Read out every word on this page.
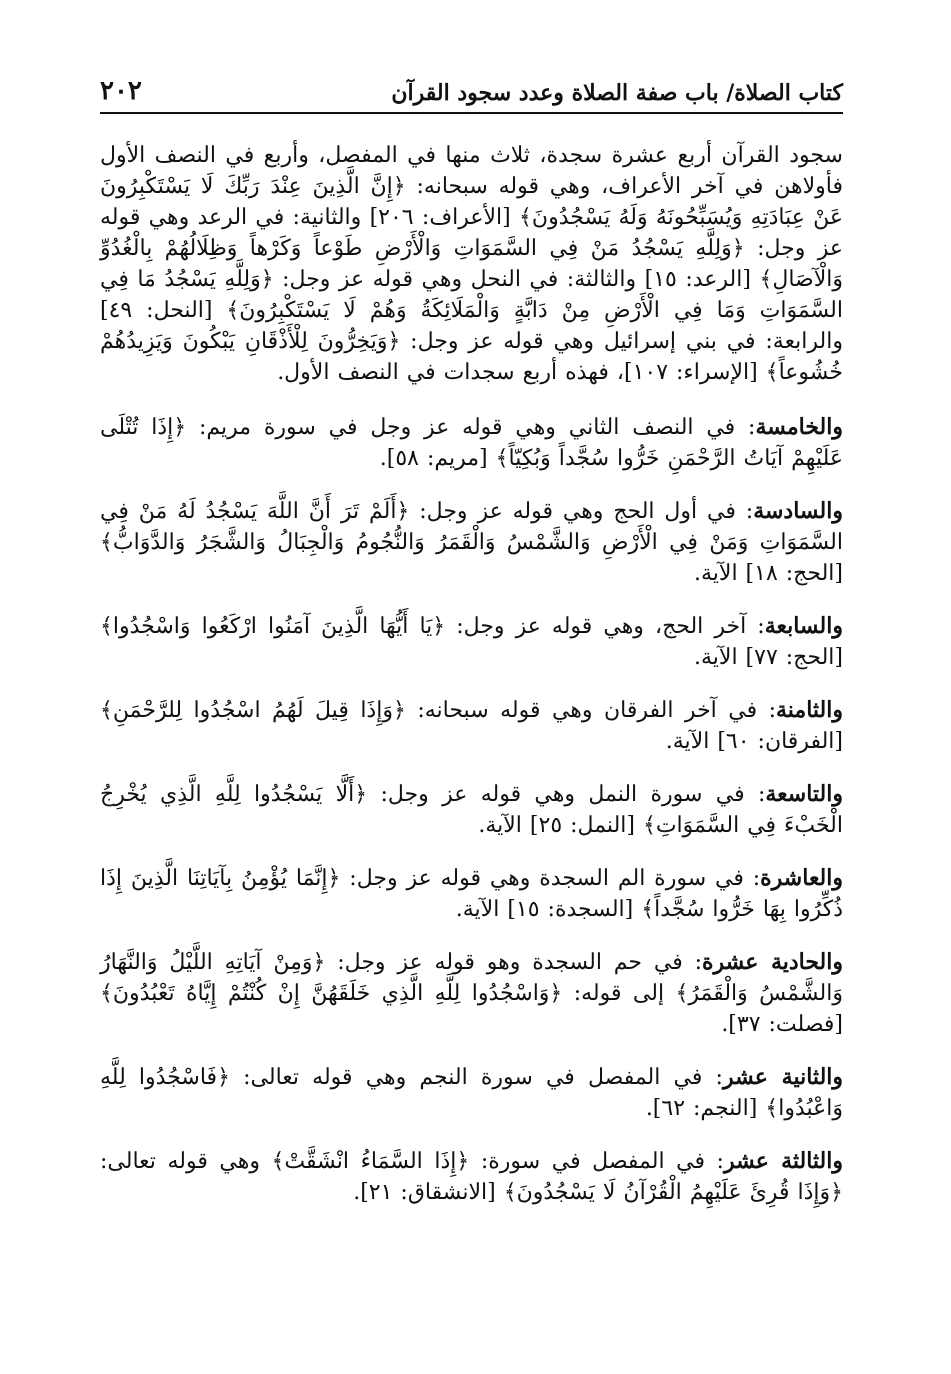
كتاب الصلاة/ باب صفة الصلاة وعدد سجود القرآن
٢٠٢

سجود القرآن أربع عشرة سجدة، ثلاث منها في المفصل، وأربع في النصف الأول فأولاهن في آخر الأعراف، وهي قوله سبحانه: ﴿إِنَّ الَّذِينَ عِنْدَ رَبِّكَ لَا يَسْتَكْبِرُونَ عَنْ عِبَادَتِهِ وَيُسَبِّحُونَهُ وَلَهُ يَسْجُدُونَ﴾ [الأعراف: ٢٠٦] والثانية: في الرعد وهي قوله عز وجل: ﴿وَلِلَّهِ يَسْجُدُ مَنْ فِي السَّمَوَاتِ وَالْأَرْضِ طَوْعاً وَكَرْهاً وَظِلَالُهُمْ بِالْغُدُوِّ وَالْآصَالِ﴾ [الرعد: ١٥] والثالثة: في النحل وهي قوله عز وجل: ﴿وَلِلَّهِ يَسْجُدُ مَا فِي السَّمَوَاتِ وَمَا فِي الْأَرْضِ مِنْ دَابَّةٍ وَالْمَلَائِكَةُ وَهُمْ لَا يَسْتَكْبِرُونَ﴾ [النحل: ٤٩] والرابعة: في بني إسرائيل وهي قوله عز وجل: ﴿وَيَخِرُّونَ لِلْأَذْقَانِ يَبْكُونَ وَيَزِيدُهُمْ خُشُوعاً﴾ [الإسراء: ١٠٧]، فهذه أربع سجدات في النصف الأول.

والخامسة: في النصف الثاني وهي قوله عز وجل في سورة مريم: ﴿إِذَا تُتْلَى عَلَيْهِمْ آيَاتُ الرَّحْمَنِ خَرُّوا سُجَّداً وَبُكِيّاً﴾ [مريم: ٥٨].

والسادسة: في أول الحج وهي قوله عز وجل: ﴿أَلَمْ تَرَ أَنَّ اللَّهَ يَسْجُدُ لَهُ مَنْ فِي السَّمَوَاتِ وَمَنْ فِي الْأَرْضِ وَالشَّمْسُ وَالْقَمَرُ وَالنُّجُومُ وَالْجِبَالُ وَالشَّجَرُ وَالدَّوَابُّ﴾ [الحج: ١٨] الآية.

والسابعة: آخر الحج، وهي قوله عز وجل: ﴿يَا أَيُّهَا الَّذِينَ آمَنُوا ارْكَعُوا وَاسْجُدُوا﴾ [الحج: ٧٧] الآية.

والثامنة: في آخر الفرقان وهي قوله سبحانه: ﴿وَإِذَا قِيلَ لَهُمُ اسْجُدُوا لِلرَّحْمَنِ﴾ [الفرقان: ٦٠] الآية.

والتاسعة: في سورة النمل وهي قوله عز وجل: ﴿أَلَّا يَسْجُدُوا لِلَّهِ الَّذِي يُخْرِجُ الْخَبْءَ فِي السَّمَوَاتِ﴾ [النمل: ٢٥] الآية.

والعاشرة: في سورة الم السجدة وهي قوله عز وجل: ﴿إِنَّمَا يُؤْمِنُ بِآيَاتِنَا الَّذِينَ إِذَا ذُكِّرُوا بِهَا خَرُّوا سُجَّداً﴾ [السجدة: ١٥] الآية.

والحادية عشرة: في حم السجدة وهو قوله عز وجل: ﴿وَمِنْ آيَاتِهِ اللَّيْلُ وَالنَّهَارُ وَالشَّمْسُ وَالْقَمَرُ﴾ إلى قوله: ﴿وَاسْجُدُوا لِلَّهِ الَّذِي خَلَقَهُنَّ إِنْ كُنْتُمْ إِيَّاهُ تَعْبُدُونَ﴾ [فصلت: ٣٧].

والثانية عشر: في المفصل في سورة النجم وهي قوله تعالى: ﴿فَاسْجُدُوا لِلَّهِ وَاعْبُدُوا﴾ [النجم: ٦٢].

والثالثة عشر: في المفصل في سورة: ﴿إِذَا السَّمَاءُ انْشَقَّتْ﴾ وهي قوله تعالى: ﴿وَإِذَا قُرِئَ عَلَيْهِمُ الْقُرْآنُ لَا يَسْجُدُونَ﴾ [الانشقاق: ٢١].
